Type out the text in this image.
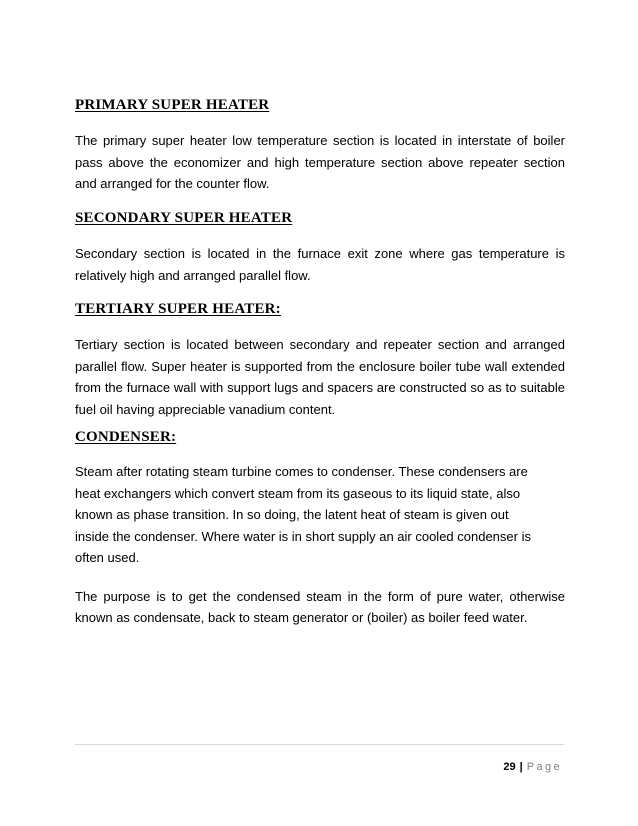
PRIMARY SUPER HEATER

The primary super heater low temperature section is located in interstate of boiler pass above the economizer and high temperature section above repeater section and arranged for the counter flow.

SECONDARY SUPER HEATER

Secondary section is located in the furnace exit zone where gas temperature is relatively high and arranged parallel flow.

TERTIARY SUPER HEATER:

Tertiary section is located between secondary and repeater section and arranged parallel flow. Super heater is supported from the enclosure boiler tube wall extended from the furnace wall with support lugs and spacers are constructed so as to suitable fuel oil having appreciable vanadium content.

CONDENSER:

Steam after rotating steam turbine comes to condenser. These condensers are heat exchangers which convert steam from its gaseous to its liquid state, also known as phase transition. In so doing, the latent heat of steam is given out inside the condenser. Where water is in short supply an air cooled condenser is often used.

The purpose is to get the condensed steam in the form of pure water, otherwise known as condensate, back to steam generator or (boiler) as boiler feed water.

29 | Page
